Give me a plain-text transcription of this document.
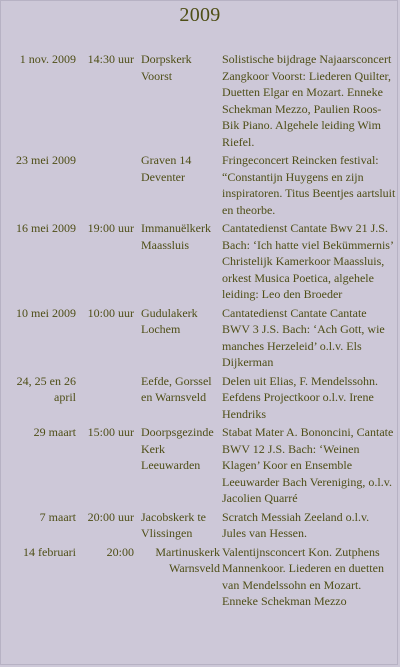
2009
1 nov. 2009	14:30 uur	Dorpskerk Voorst	Solistische bijdrage Najaarsconcert Zangkoor Voorst: Liederen Quilter, Duetten Elgar en Mozart. Enneke Schekman Mezzo, Paulien Roos-Bik Piano. Algehele leiding Wim Riefel.
23 mei 2009		Graven 14 Deventer	Fringeconcert Reincken festival: “Constantijn Huygens en zijn inspiratoren. Titus Beentjes aartsluit en theorbe.
16 mei 2009	19:00 uur	Immanuëlkerk Maassluis	Cantatedienst Cantate Bwv 21 J.S. Bach: ‘Ich hatte viel Bekümmernis’ Christelijk Kamerkoor Maassluis, orkest Musica Poetica, algehele leiding: Leo den Broeder
10 mei 2009	10:00 uur	Gudulakerk Lochem	Cantatedienst Cantate Cantate BWV 3 J.S. Bach: ‘Ach Gott, wie manches Herzeleid’ o.l.v. Els Dijkerman
24, 25 en 26 april		Eefde, Gorssel en Warnsveld	Delen uit Elias, F. Mendelssohn. Eefdens Projectkoor o.l.v. Irene Hendriks
29 maart	15:00 uur	Doorpsgezinde Kerk Leeuwarden	Stabat Mater A. Bononcini, Cantate BWV 12 J.S. Bach: ‘Weinen Klagen’ Koor en Ensemble Leeuwarder Bach Vereniging, o.l.v. Jacolien Quarré
7 maart	20:00 uur	Jacobskerk te Vlissingen	Scratch Messiah Zeeland o.l.v. Jules van Hessen.
14 februari	20:00	Martinuskerk Warnsveld	Valentijnsconcert Kon. Zutphens Mannenkoor. Liederen en duetten van Mendelssohn en Mozart. Enneke Schekman Mezzo
